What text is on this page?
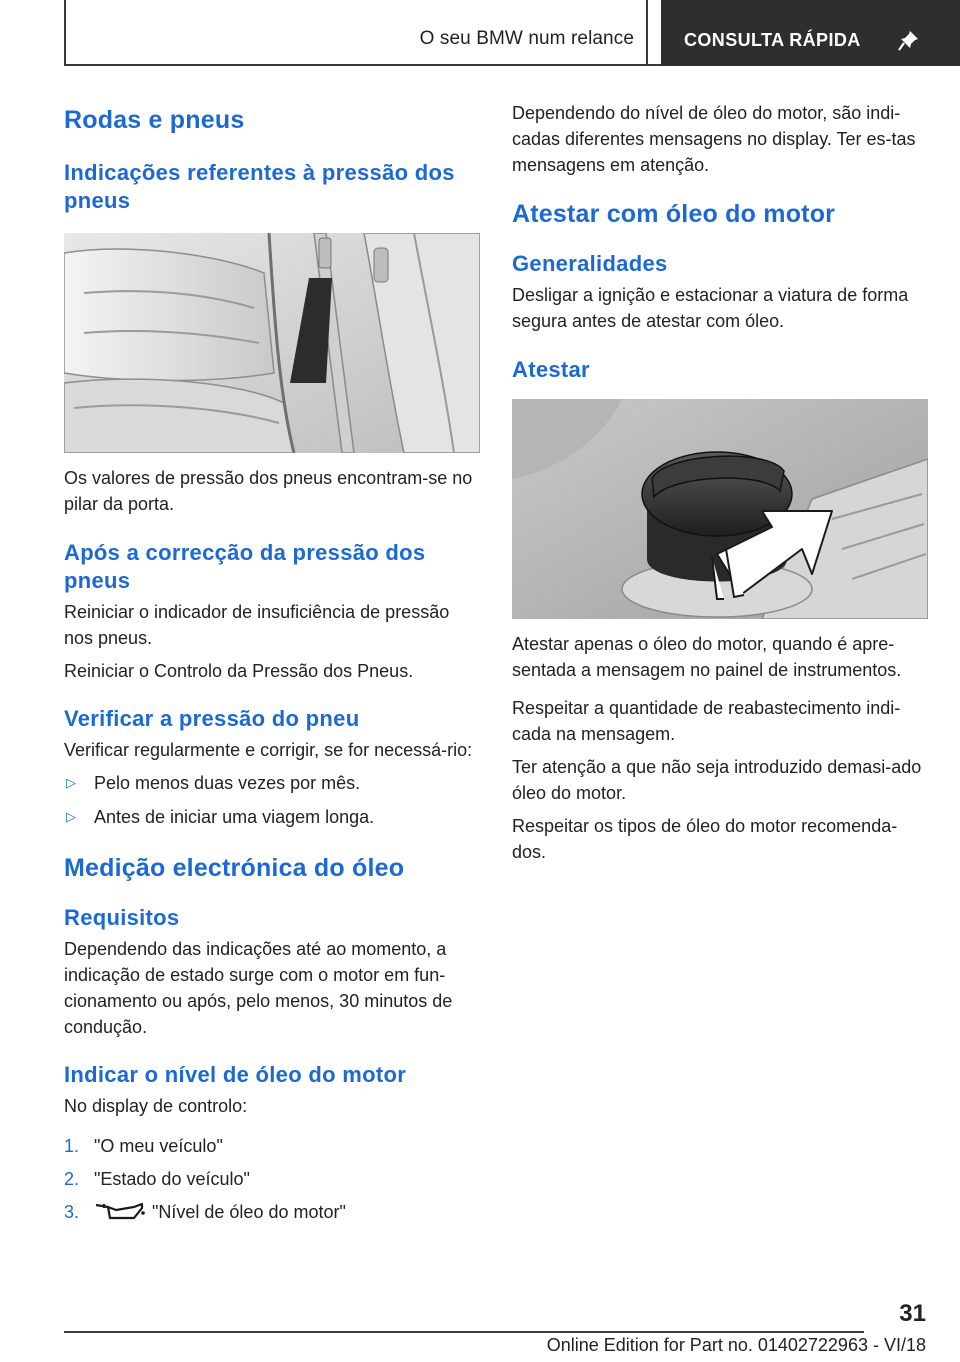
O seu BMW num relance	CONSULTA RÁPIDA
Rodas e pneus
Indicações referentes à pressão dos pneus

Os valores de pressão dos pneus encontram-se no pilar da porta.

Após a correcção da pressão dos pneus

Reiniciar o indicador de insuficiência de pressão nos pneus.

Reiniciar o Controlo da Pressão dos Pneus.

Verificar a pressão do pneu

Verificar regularmente e corrigir, se for necessá‐rio:

▷ Pelo menos duas vezes por mês.
▷ Antes de iniciar uma viagem longa.
Medição electrónica do óleo
Requisitos

Dependendo das indicações até ao momento, a indicação de estado surge com o motor em fun‐cionamento ou após, pelo menos, 30 minutos de condução.

Indicar o nível de óleo do motor

No display de controlo:

1. "O meu veículo"
2. "Estado do veículo"
3.	"Nível de óleo do motor"

Dependendo do nível de óleo do motor, são indi‐cadas diferentes mensagens no display. Ter es‐tas mensagens em atenção.

Atestar com óleo do motor
Generalidades

Desligar a ignição e estacionar a viatura de forma segura antes de atestar com óleo.

Atestar

Atestar apenas o óleo do motor, quando é apre‐sentada a mensagem no painel de instrumentos.

Respeitar a quantidade de reabastecimento indi‐cada na mensagem.

Ter atenção a que não seja introduzido demasi‐ado óleo do motor.

Respeitar os tipos de óleo do motor recomenda‐dos.

31
Online Edition for Part no. 01402722963 - VI/18
